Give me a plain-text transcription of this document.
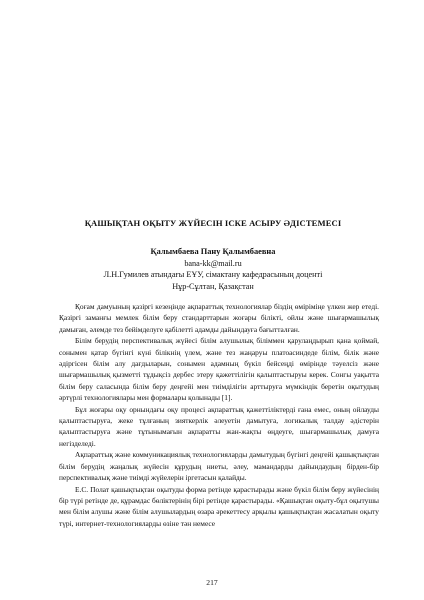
ҚАШЫҚТАН ОҚЫТУ ЖҮЙЕСІН ІСКЕ АСЫРУ ӘДІСТЕМЕСІ
Қалымбаева Пану Қалымбаевна
bana-kk@mail.ru
Л.Н.Гумилев атындағы ЕҰУ, сімактану кафедрасының доценті
Нұр-Сұлтан, Қазақстан

Қоғам дамуының қазіргі кезеңінде ақпараттық технологиялар біздің өміріміңе үлкен жер етеді. Қазіргі заманғы мемлек білім беру стандарттарын жоғары білікті, ойлы және шығармашылық дамыған, әлемде тез бейімделуге қабілетті адамды дайындауға бағытталған.

Білім берудің перспективалық жүйесі білім алушылық біліммен қарулаңдырып қана қоймай, сонымен қатар бүгінгі күні білікнің үлем, және тез жаңаруы платоасиндеде білім, білік және әдіргісен білім алу дағдыларын, сонымен адамның бүкіл бейсеңді өмірінде тәуелсіз және шығармашылық қызметті тұдықсіз дербес этеру қажеттілігін қалыптастыруы керек. Сонгы уақытта білім беру саласында білім беру деңгейі мен тиімділігін арттыруға мүмкіндік беретін оқытудың әртүрлі технологиялары мен формалары қолынады [1].

Бұл жоғары оқу орнындағы оқу процесі ақпараттық қажеттіліктерді ғана емес, оның ойлауды қалыптастыруға, жеке тұлғаның зияткерлік әлеуетін дамытуға, логикалық талдау әдістерін қалыптастыруға және тұтынымағын ақпаратты жан-жақты өңдеуге, шығармашылық дамуға негізделеді.

Ақпараттық және коммуникациялық технологияларды дамытудың бүгінгі деңгейі қашықтықтан білім берудің жаңалық жүйесін құрудың ниеты, әлеу, мамандарды дайындаудың бірден-бір перспективалық және тиімді жүйелерін іргетасын қалайды.

Е.С. Полат қашықтықтан оқытуды форма ретінде қарастырады және бүкіл білім беру жүйесінің бір түрі ретінде де, құрамдас бөліктерінің бірі ретінде қарастырады. «Қашықтан оқыту-бұл оқытушы мен білім алушы және білім алушылардың өзара әрекеттесу арқылы қашықтықтан жасалатын оқыту түрі, интернет-технологияларды өзіне тән немесе

217
